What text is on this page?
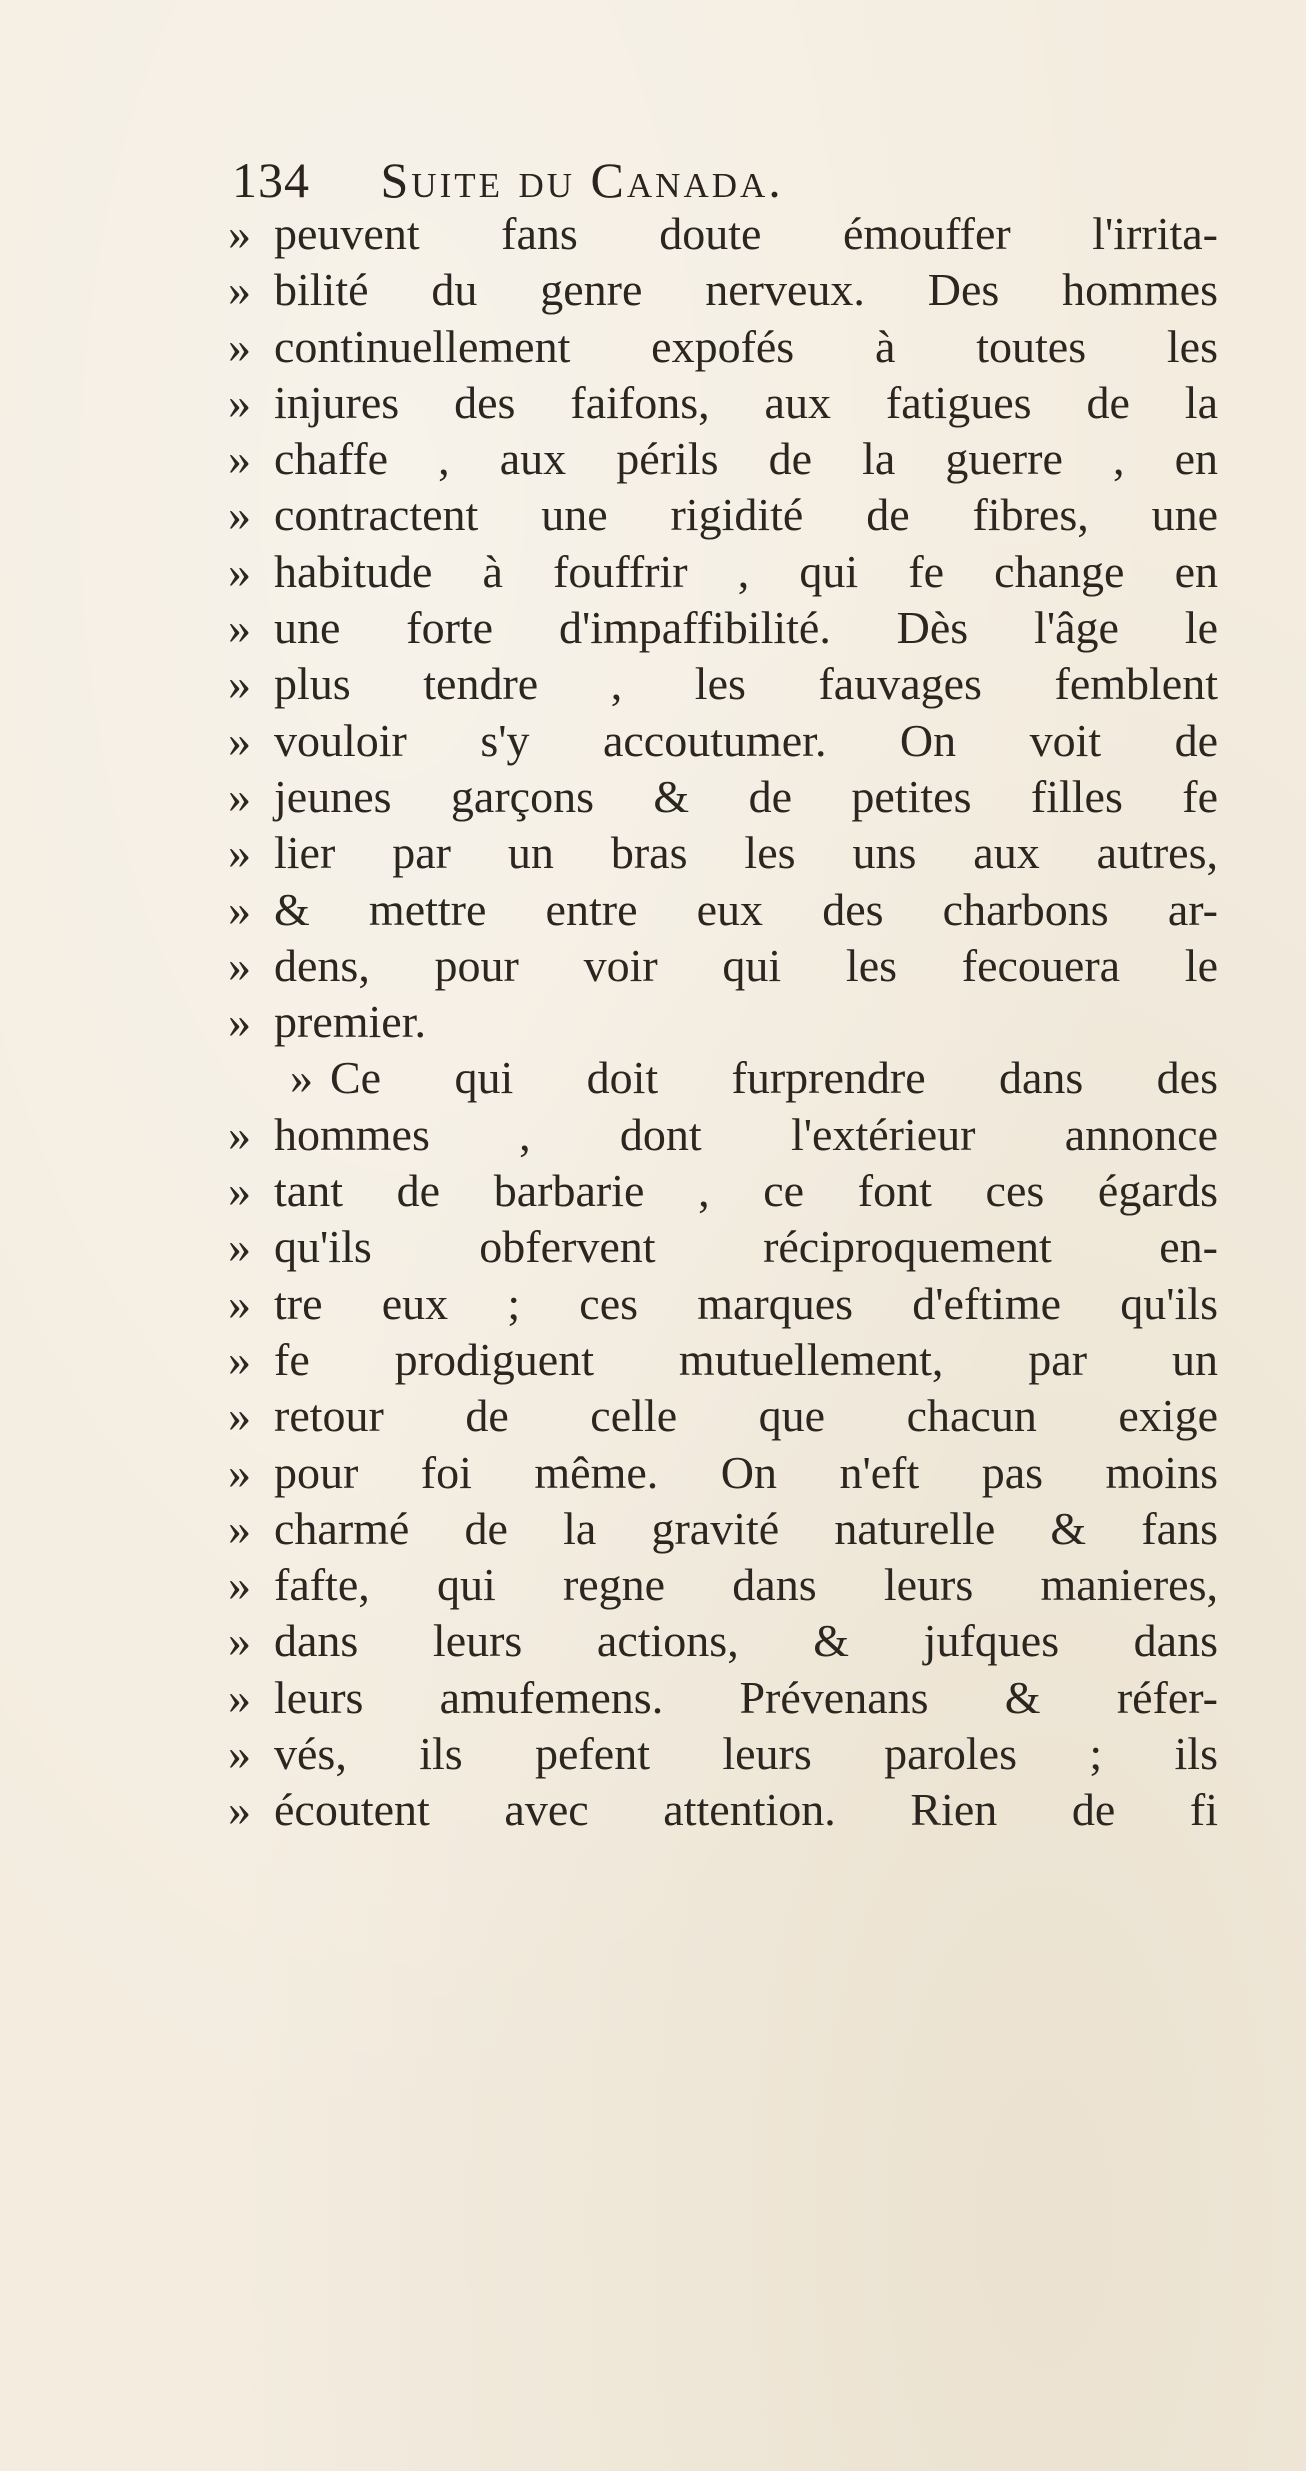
134 Suite du Canada.
» peuvent fans doute émouffer l'irrita-
» bilité du genre nerveux. Des hommes
» continuellement expofés à toutes les
» injures des faifons, aux fatigues de la
» chaffe , aux périls de la guerre , en
» contractent une rigidité de fibres, une
» habitude à fouffrir , qui fe change en
» une forte d'impaffibilité. Dès l'âge le
» plus tendre , les fauvages femblent
» vouloir s'y accoutumer. On voit de
» jeunes garçons & de petites filles fe
» lier par un bras les uns aux autres,
» & mettre entre eux des charbons ar-
» dens, pour voir qui les fecouera le
» premier.
» Ce qui doit furprendre dans des
» hommes , dont l'extérieur annonce
» tant de barbarie , ce font ces égards
» qu'ils obfervent réciproquement en-
» tre eux ; ces marques d'eftime qu'ils
» fe prodiguent mutuellement, par un
» retour de celle que chacun exige
» pour foi même. On n'eft pas moins
» charmé de la gravité naturelle & fans
» fafte, qui regne dans leurs manieres,
» dans leurs actions, & jufques dans
» leurs amufemens. Prévenans & réfer-
» vés, ils pefent leurs paroles ; ils
» écoutent avec attention. Rien de fi
